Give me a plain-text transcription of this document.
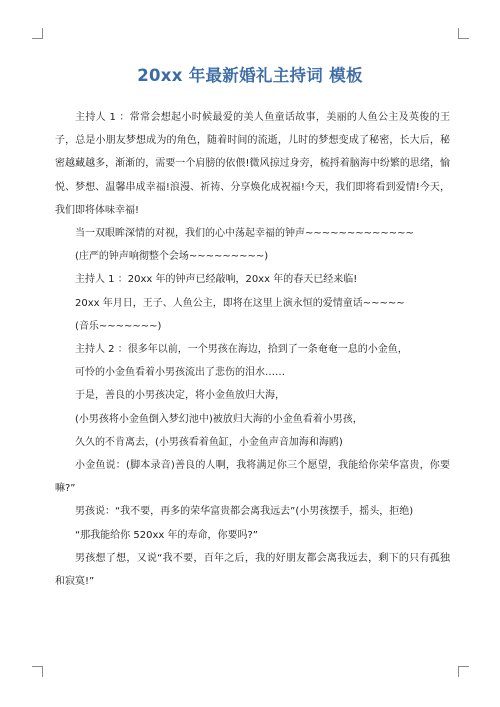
20xx 年最新婚礼主持词 模板

主持人 1 ：常常会想起小时候最爱的美人鱼童话故事，美丽的人鱼公主及英俊的王子，总是小朋友梦想成为的角色，随着时间的流逝，儿时的梦想变成了秘密，长大后，秘密越藏越多，渐渐的，需要一个肩膀的依偎!微风掠过身旁，梳捋着脑海中纷繁的思绪，愉悦、梦想、温馨串成幸福!浪漫、祈祷、分享焕化成祝福!今天，我们即将看到爱情!今天，我们即将体味幸福!

当一双眼眸深情的对视，我们的心中荡起幸福的钟声~~~~~~~~~~~~~

(庄严的钟声响彻整个会场~~~~~~~~~)

主持人 1 ：20xx 年的钟声已经敲响，20xx 年的春天已经来临!

20xx 年月日，王子、人鱼公主，即将在这里上演永恒的爱情童话~~~~~

(音乐~~~~~~~)

主持人 2 ：很多年以前，一个男孩在海边，拾到了一条奄奄一息的小金鱼，

可怜的小金鱼看着小男孩流出了悲伤的泪水……

于是，善良的小男孩决定，将小金鱼放归大海，

(小男孩将小金鱼倒入梦幻池中)被放归大海的小金鱼看着小男孩，

久久的不肯离去，(小男孩看着鱼缸，小金鱼声音加海和海鸥)

小金鱼说：(脚本录音)善良的人啊，我将满足你三个愿望，我能给你荣华富贵，你要嘛?”

男孩说：“我不要，再多的荣华富贵都会离我远去”(小男孩摆手，摇头，拒绝)

“那我能给你 520xx 年的寿命，你要吗?”

男孩想了想，又说“我不要，百年之后，我的好朋友都会离我远去，剩下的只有孤独和寂寞!”
